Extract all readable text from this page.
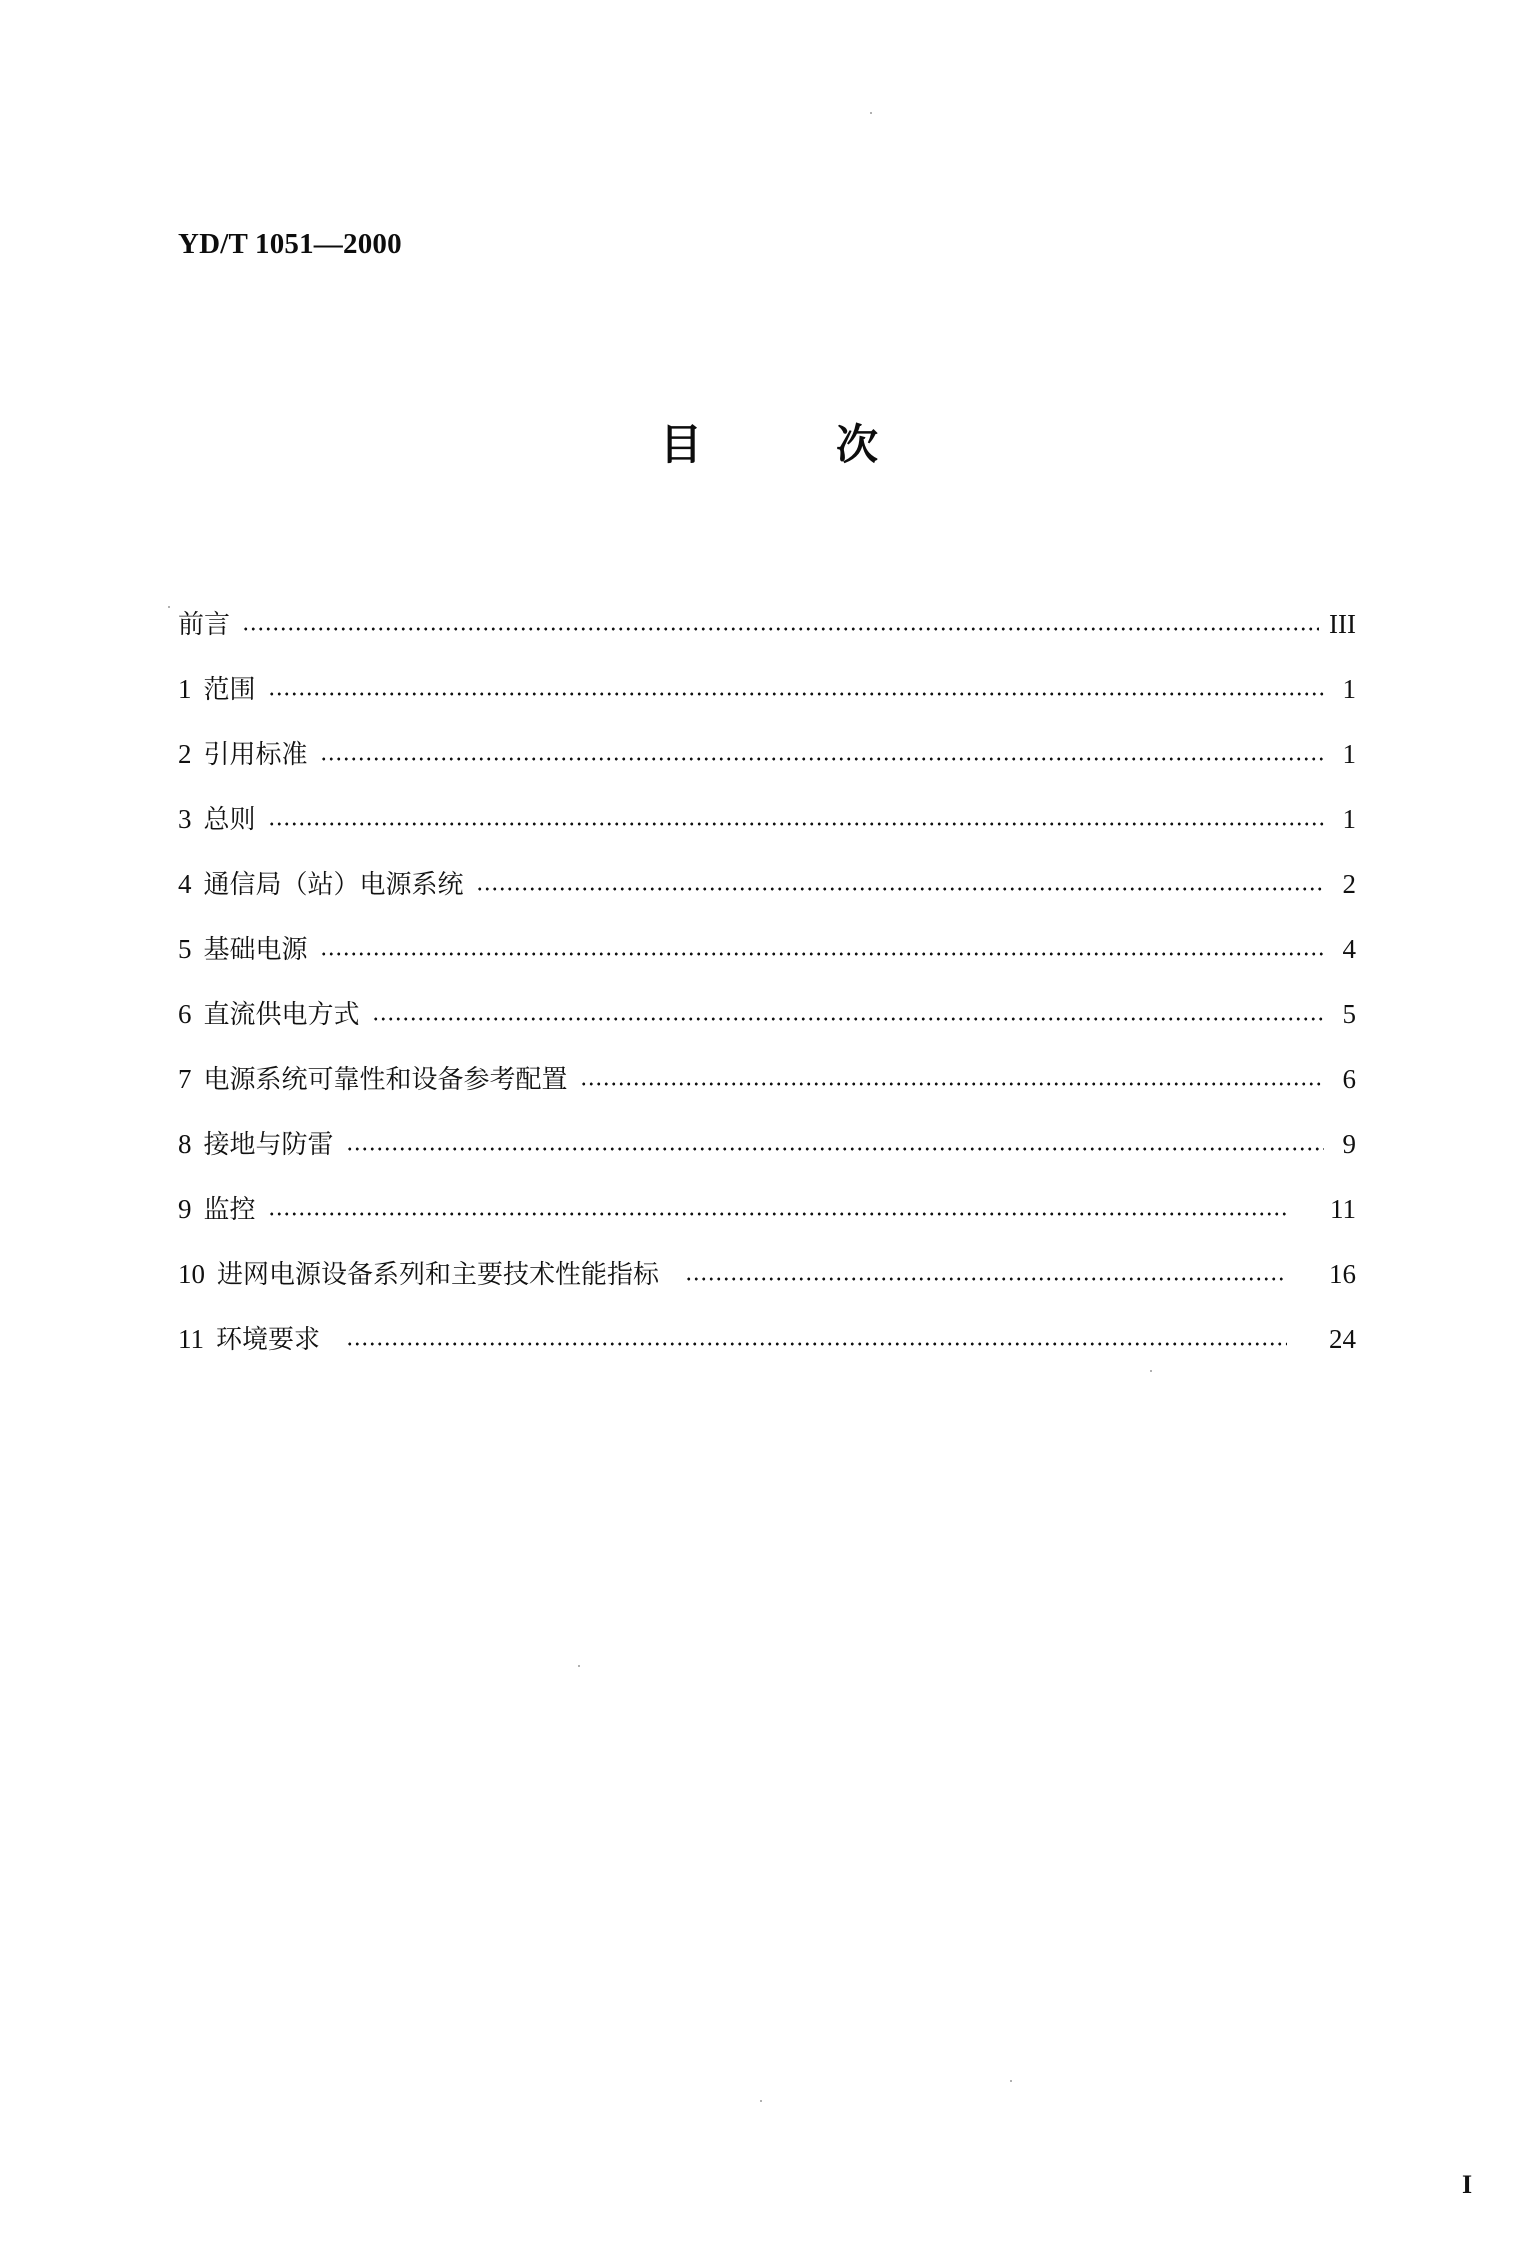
YD/T 1051—2000
目	次
前言	III
1 范围	1
2 引用标准	1
3 总则	1
4 通信局（站）电源系统	2
5 基础电源	4
6 直流供电方式	5
7 电源系统可靠性和设备参考配置	6
8 接地与防雷	9
9 监控	11
10 进网电源设备系列和主要技术性能指标	16
11 环境要求	24
I
